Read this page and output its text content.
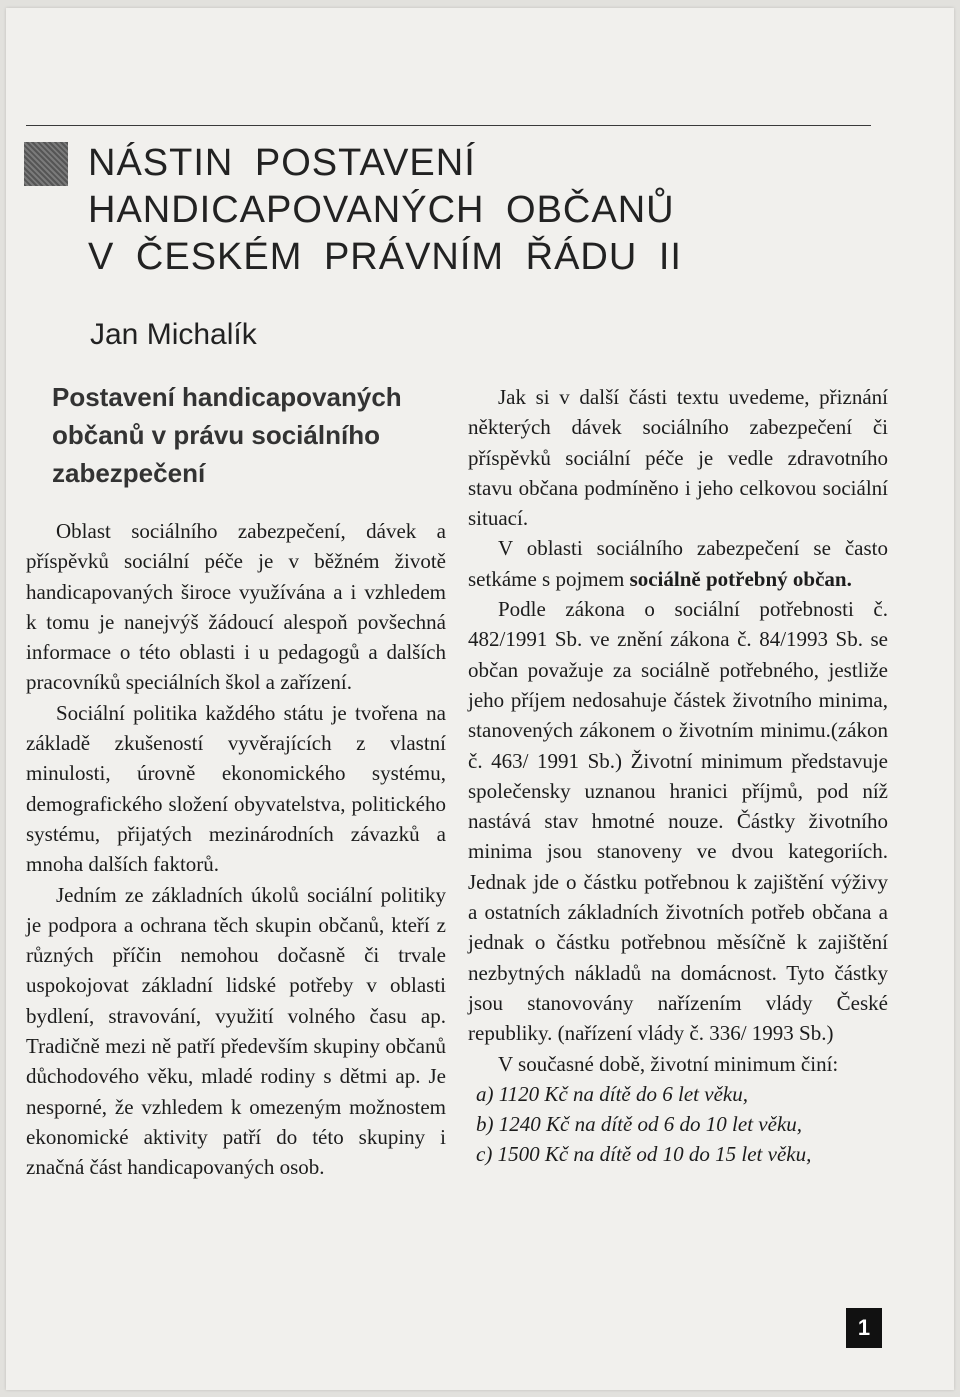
NÁSTIN POSTAVENÍ
HANDICAPOVANÝCH OBČANŮ
V ČESKÉM PRÁVNÍM ŘÁDU II
Jan Michalík
Postavení handicapovaných občanů v právu sociálního zabezpečení

Oblast sociálního zabezpečení, dávek a příspěvků sociální péče je v běžném životě handicapovaných široce využívána a i vzhledem k tomu je nanejvýš žádoucí alespoň povšechná informace o této oblasti i u pedagogů a dalších pracovníků speciálních škol a zařízení.

Sociální politika každého státu je tvořena na základě zkušeností vyvěrajících z vlastní minulosti, úrovně ekonomického systému, demografického složení obyvatelstva, politického systému, přijatých mezinárodních závazků a mnoha dalších faktorů.

Jedním ze základních úkolů sociální politiky je podpora a ochrana těch skupin občanů, kteří z různých příčin nemohou dočasně či trvale uspokojovat základní lidské potřeby v oblasti bydlení, stravování, využití volného času ap. Tradičně mezi ně patří především skupiny občanů důchodového věku, mladé rodiny s dětmi ap. Je nesporné, že vzhledem k omezeným možnostem ekonomické aktivity patří do této skupiny i značná část handicapovaných osob.

Jak si v další části textu uvedeme, přiznání některých dávek sociálního zabezpečení či příspěvků sociální péče je vedle zdravotního stavu občana podmíněno i jeho celkovou sociální situací.

V oblasti sociálního zabezpečení se často setkáme s pojmem sociálně potřebný občan.

Podle zákona o sociální potřebnosti č. 482/1991 Sb. ve znění zákona č. 84/1993 Sb. se občan považuje za sociálně potřebného, jestliže jeho příjem nedosahuje částek životního minima, stanovených zákonem o životním minimu.(zákon č. 463/ 1991 Sb.) Životní minimum představuje společensky uznanou hranici příjmů, pod níž nastává stav hmotné nouze. Částky životního minima jsou stanoveny ve dvou kategoriích. Jednak jde o částku potřebnou k zajištění výživy a ostatních základních životních potřeb občana a jednak o částku potřebnou měsíčně k zajištění nezbytných nákladů na domácnost. Tyto částky jsou stanovovány nařízením vlády České republiky. (nařízení vlády č. 336/ 1993 Sb.)

V současné době, životní minimum činí:

a) 1120 Kč na dítě do 6 let věku,
b) 1240 Kč na dítě od 6 do 10 let věku,
c) 1500 Kč na dítě od 10 do 15 let věku,
1
